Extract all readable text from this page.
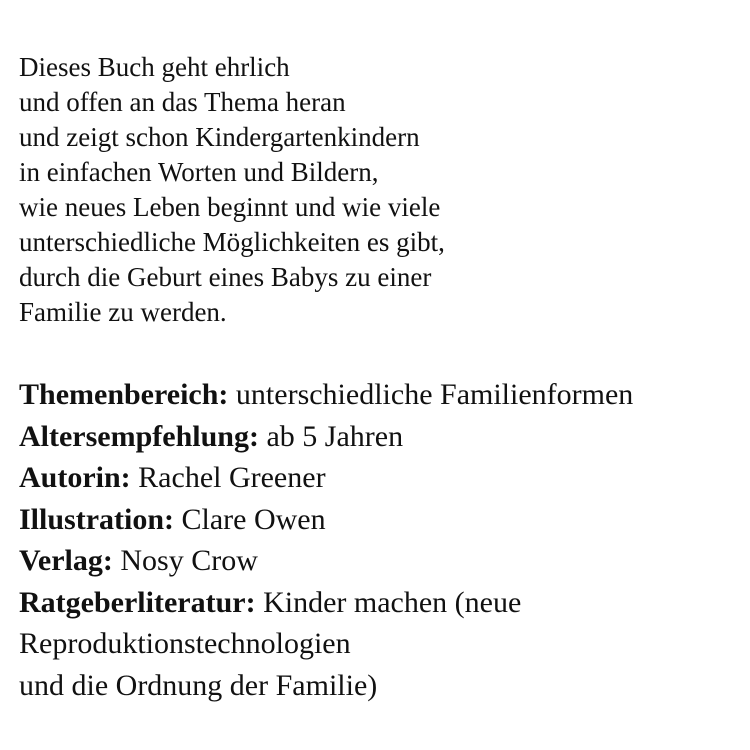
Dieses Buch geht ehrlich
und offen an das Thema heran
und zeigt schon Kindergartenkindern
in einfachen Worten und Bildern,
wie neues Leben beginnt und wie viele
unterschiedliche Möglichkeiten es gibt,
durch die Geburt eines Babys zu einer
Familie zu werden.

Themenbereich: unterschiedliche Familienformen
Altersempfehlung: ab 5 Jahren
Autorin: Rachel Greener
Illustration: Clare Owen
Verlag: Nosy Crow
Ratgeberliteratur: Kinder machen (neue
Reproduktionstechnologien
und die Ordnung der Familie)
